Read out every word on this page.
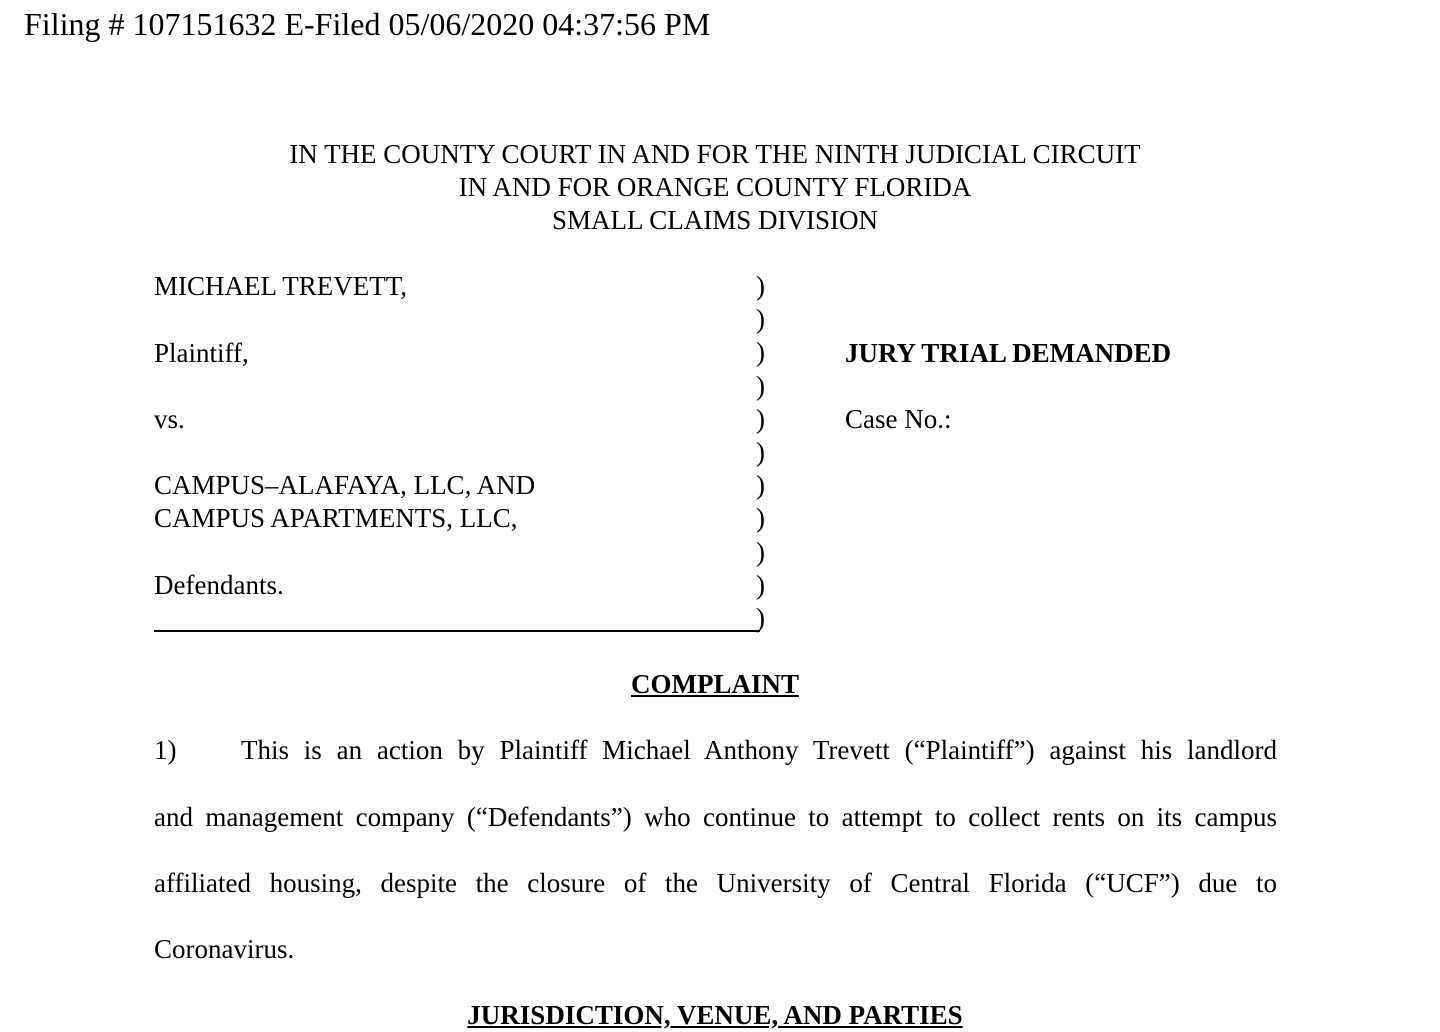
Filing # 107151632 E-Filed 05/06/2020 04:37:56 PM
IN THE COUNTY COURT IN AND FOR THE NINTH JUDICIAL CIRCUIT
IN AND FOR ORANGE COUNTY FLORIDA
SMALL CLAIMS DIVISION
MICHAEL TREVETT,
Plaintiff,
vs.
CAMPUS–ALAFAYA, LLC, AND
CAMPUS APARTMENTS, LLC,
Defendants.
)
)
)
)
)
)
)
)
)
)
)
JURY TRIAL DEMANDED
Case No.:
COMPLAINT
1) This is an action by Plaintiff Michael Anthony Trevett (“Plaintiff”) against his landlord
and management company (“Defendants”) who continue to attempt to collect rents on its campus
affiliated housing, despite the closure of the University of Central Florida (“UCF”) due to
Coronavirus.
JURISDICTION, VENUE, AND PARTIES
